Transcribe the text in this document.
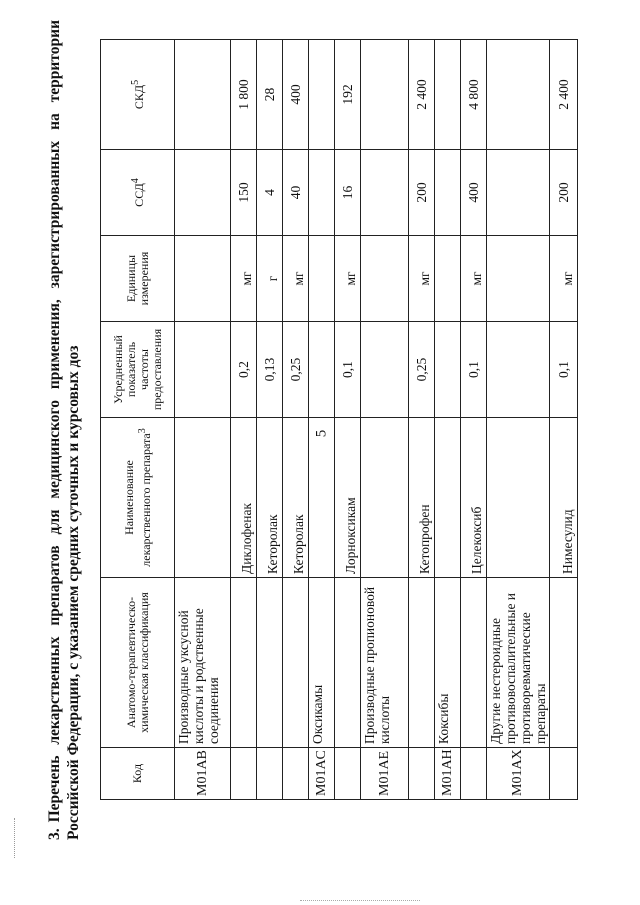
5
3.Перечень лекарственных препаратов для медицинского применения, зарегистрированных на территории Российской Федерации, с указанием средних суточных и курсовых доз	Код	Анатомо-терапевтическо-химическая классификация	Наименование лекарственного препарата$^3$	Усредненный показатель частоты предоставления	Единицы измерения	ССД$^4$	СКД$^5$
M01AB	Производные уксусной кислоты и родственные соединения					
		Диклофенак	0,2	мг	150	1 800
		Кеторолак	0,13	г	4	28
		Кеторолак	0,25	мг	40	400
M01AC	Оксикамы					
		Лорноксикам	0,1	мг	16	192
M01AE	Производные пропионовой кислоты					
		Кетопрофен	0,25	мг	200	2 400
M01AH	Коксибы					
		Целекоксиб	0,1	мг	400	4 800
M01AX	Другие нестероидные противовоспалительные и противоревматические препараты					
		Нимесулид	0,1	мг	200	2 400
